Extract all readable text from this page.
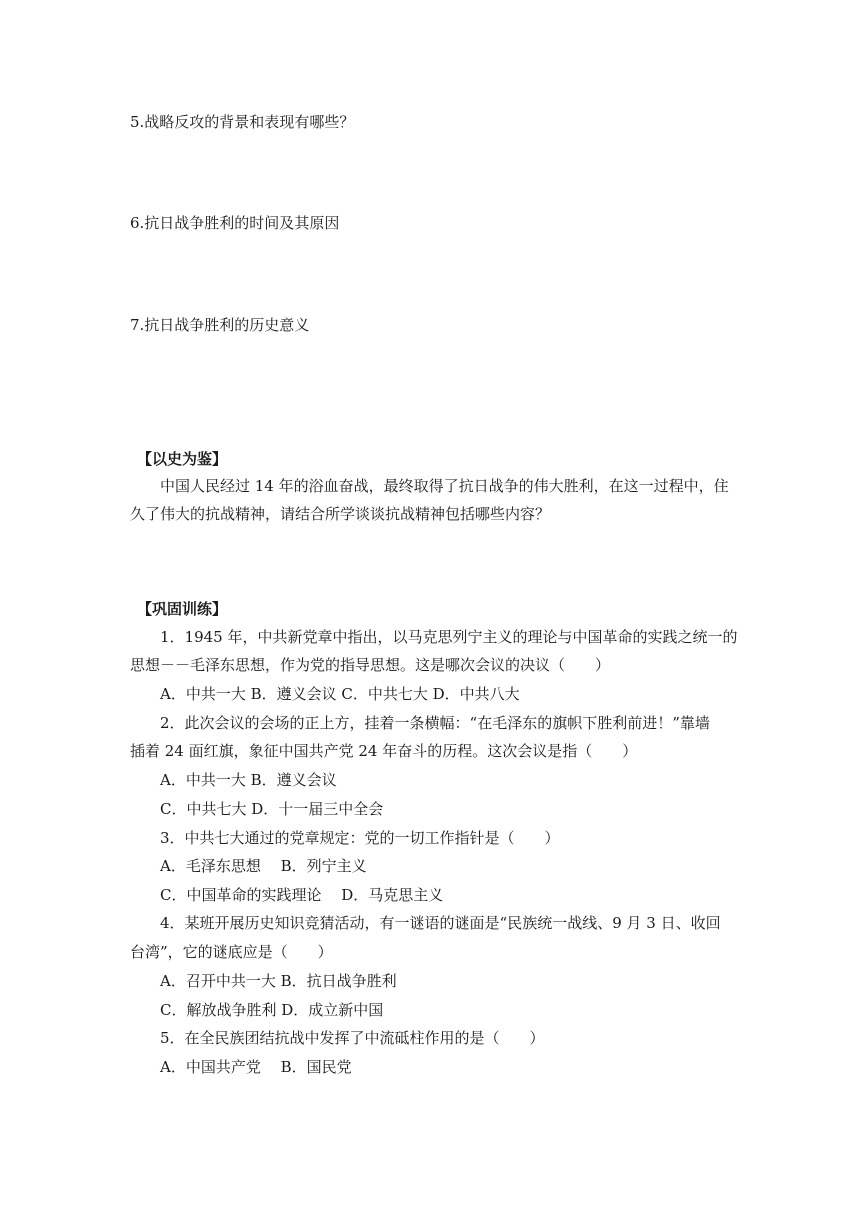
5.战略反攻的背景和表现有哪些？
6.抗日战争胜利的时间及其原因
7.抗日战争胜利的历史意义
【以史为鉴】
中国人民经过 14 年的浴血奋战，最终取得了抗日战争的伟大胜利，在这一过程中，住
久了伟大的抗战精神，请结合所学谈谈抗战精神包括哪些内容？
【巩固训练】
1．1945 年，中共新党章中指出，以马克思列宁主义的理论与中国革命的实践之统一的
思想－－毛泽东思想，作为党的指导思想。这是哪次会议的决议（　　）
A．中共一大 B．遵义会议 C．中共七大 D．中共八大
2．此次会议的会场的正上方，挂着一条横幅：“在毛泽东的旗帜下胜利前进！”靠墙
插着 24 面红旗，象征中国共产党 24 年奋斗的历程。这次会议是指（　　）
A．中共一大 B．遵义会议
C．中共七大 D．十一届三中全会
3．中共七大通过的党章规定：党的一切工作指针是（　　）
A．毛泽东思想　 B．列宁主义
C．中国革命的实践理论　 D．马克思主义
4．某班开展历史知识竞猜活动，有一谜语的谜面是“民族统一战线、9 月 3 日、收回
台湾”，它的谜底应是（　　）
A．召开中共一大 B．抗日战争胜利
C．解放战争胜利 D．成立新中国
5．在全民族团结抗战中发挥了中流砥柱作用的是（　　）
A．中国共产党　 B．国民党
